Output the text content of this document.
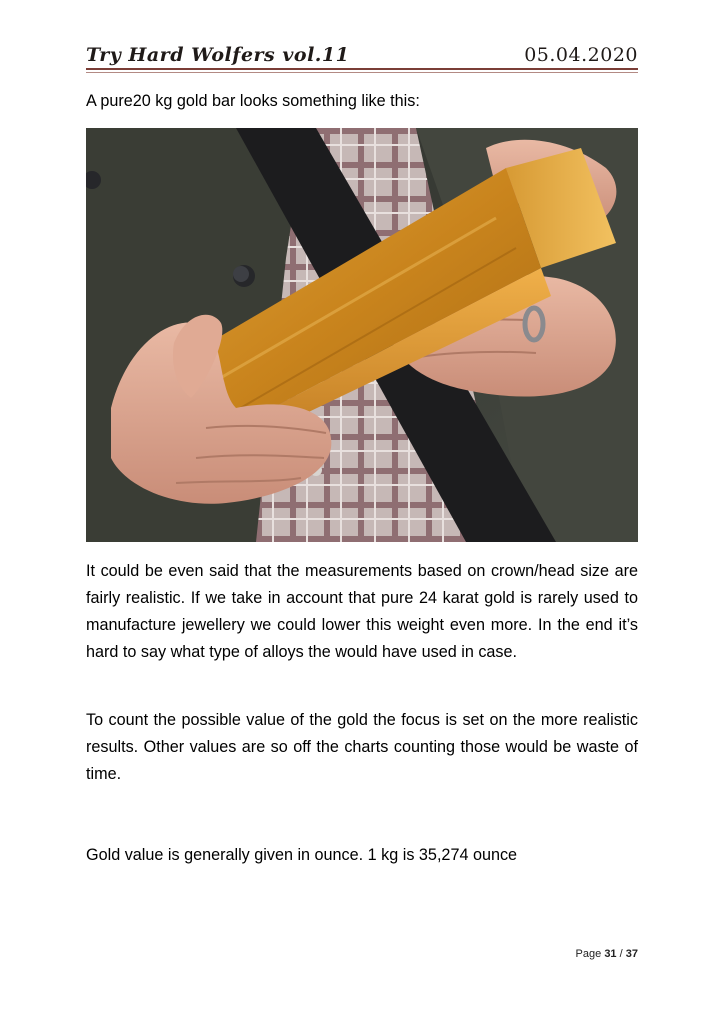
Try Hard Wolfers vol.11	05.04.2020

A pure20 kg gold bar looks something like this:

It could be even said that the measurements based on crown/head size are fairly realistic. If we take in account that pure 24 karat gold is rarely used to manufacture jewellery we could lower this weight even more. In the end it’s hard to say what type of alloys the would have used in case.

To count the possible value of the gold the focus is set on the more realistic results. Other values are so off the charts counting those would be waste of time.

Gold value is generally given in ounce. 1 kg is 35,274 ounce

Page 31 / 37
